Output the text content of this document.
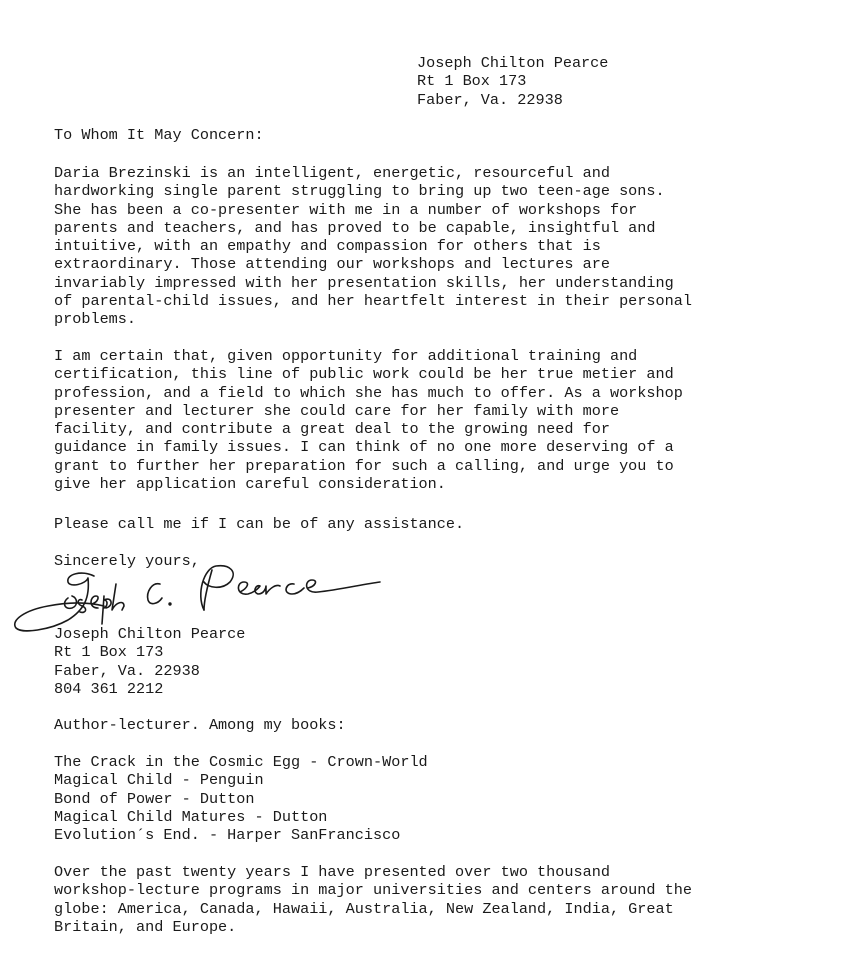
Joseph Chilton Pearce
Rt 1 Box 173
Faber, Va. 22938
To Whom It May Concern:
Daria Brezinski is an intelligent, energetic, resourceful and
hardworking single parent struggling to bring up two teen-age sons.
She has been a co-presenter with me in a number of workshops for
parents and teachers, and has proved to be capable, insightful and
intuitive, with an empathy and compassion for others that is
extraordinary. Those attending our workshops and lectures are
invariably impressed with her presentation skills, her understanding
of parental-child issues, and her heartfelt interest in their personal
problems.
I am certain that, given opportunity for additional training and
certification, this line of public work could be her true metier and
profession, and a field to which she has much to offer. As a workshop
presenter and lecturer she could care for her family with more
facility, and contribute a great deal to the growing need for
guidance in family issues. I can think of no one more deserving of a
grant to further her preparation for such a calling, and urge you to
give her application careful consideration.
Please call me if I can be of any assistance.
Sincerely yours,
Joseph Chilton Pearce
Rt 1 Box 173
Faber, Va. 22938
804 361 2212
Author-lecturer. Among my books:
The Crack in the Cosmic Egg - Crown-World
Magical Child - Penguin
Bond of Power - Dutton
Magical Child Matures - Dutton
Evolution´s End. - Harper SanFrancisco
Over the past twenty years I have presented over two thousand
workshop-lecture programs in major universities and centers around the
globe: America, Canada, Hawaii, Australia, New Zealand, India, Great
Britain, and Europe.
